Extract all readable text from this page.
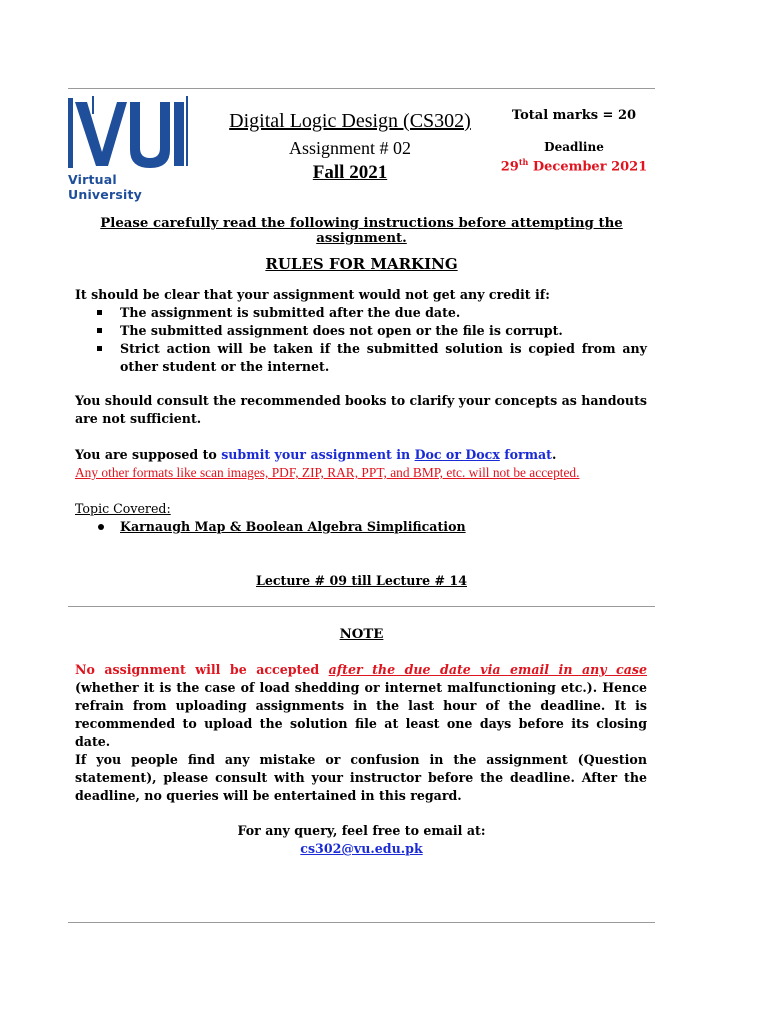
Virtual University
Digital Logic Design (CS302)
Assignment # 02
Fall 2021
Total marks = 20
Deadline
29th December 2021
Please carefully read the following instructions before attempting the assignment.
RULES FOR MARKING
It should be clear that your assignment would not get any credit if:
The assignment is submitted after the due date.
The submitted assignment does not open or the file is corrupt.
Strict action will be taken if the submitted solution is copied from any other student or the internet.
You should consult the recommended books to clarify your concepts as handouts are not sufficient.
You are supposed to submit your assignment in Doc or Docx format.
Any other formats like scan images, PDF, ZIP, RAR, PPT, and BMP, etc. will not be accepted.
Topic Covered:
Karnaugh Map & Boolean Algebra Simplification
Lecture # 09 till Lecture # 14
NOTE
No assignment will be accepted after the due date via email in any case (whether it is the case of load shedding or internet malfunctioning etc.). Hence refrain from uploading assignments in the last hour of the deadline. It is recommended to upload the solution file at least one days before its closing date.
If you people find any mistake or confusion in the assignment (Question statement), please consult with your instructor before the deadline. After the deadline, no queries will be entertained in this regard.
For any query, feel free to email at:
cs302@vu.edu.pk
